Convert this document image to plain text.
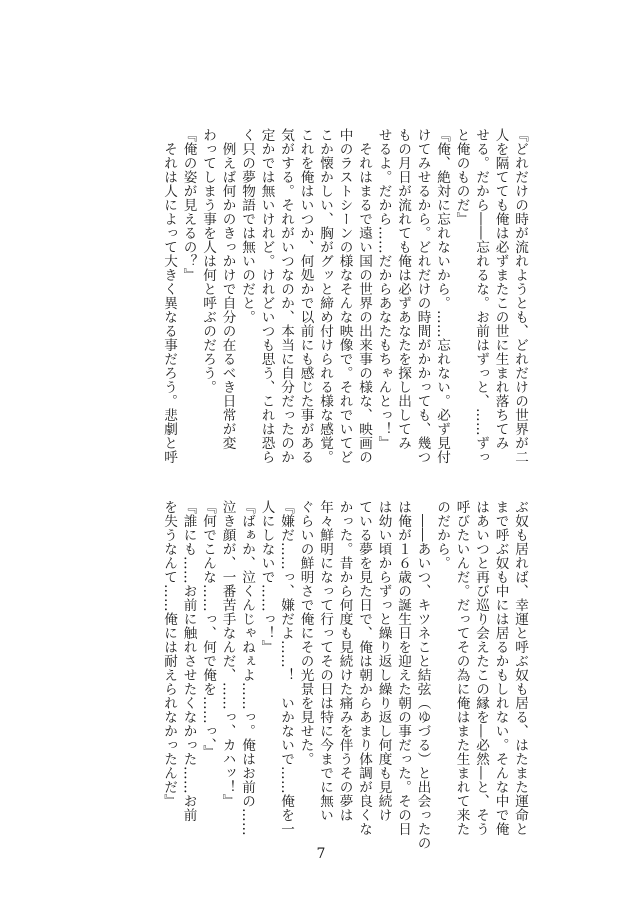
『どれだけの時が流れようとも、どれだけの世界が二
人を隔てても俺は必ずまたこの世に生まれ落ちてみ
せる。だから――忘れるな。お前はずっと、……ずっ
と俺のものだ』
『俺、絶対に忘れないから。……忘れない。必ず見付
けてみせるから。どれだけの時間がかかっても、幾つ
もの月日が流れても俺は必ずあなたを探し出してみ
せるよ。だから……だからあなたもちゃんとっ！』
　それはまるで遠い国の世界の出来事の様な、映画の
中のラストシーンの様なそんな映像で。それでいてど
こか懐かしい、胸がグッと締め付けられる様な感覚。
これを俺はいつか、何処かで以前にも感じた事がある
気がする。それがいつなのか、本当に自分だったのか
定かでは無いけれど。けれどいつも思う、これは恐ら
く只の夢物語では無いのだと。
　例えば何かのきっかけで自分の在るべき日常が変
わってしまう事を人は何と呼ぶのだろう。
『俺の姿が見えるの？』
　それは人によって大きく異なる事だろう。悲劇と呼
ぶ奴も居れば、幸運と呼ぶ奴も居る、はたまた運命と
まで呼ぶ奴も中には居るかもしれない。そんな中で俺
はあいつと再び巡り会えたこの縁を―必然―と、そう
呼びたいんだ。だってその為に俺はまた生まれて来た
のだから。
　――あいつ、キツネこと結弦（ゆづる）と出会ったの
は俺が１６歳の誕生日を迎えた朝の事だった。その日
は幼い頃からずっと繰り返し繰り返し何度も見続け
ている夢を見た日で、俺は朝からあまり体調が良くな
かった。昔から何度も見続けた痛みを伴うその夢は
年々鮮明になって行ってその日は特に今までに無い
ぐらいの鮮明さで俺にその光景を見せた。
『嫌だ……っ、嫌だよ……！　いかないで……俺を一
人にしないで……っ！』
『ばぁか、泣くんじゃねぇよ……っ。俺はお前の……
泣き顔が、一番苦手なんだ、……っ、カハッ！』
『何でこんな……っ、何で俺を……っ、』
『誰にも……お前に触れさせたくなかった……お前
を失うなんて……俺には耐えられなかったんだ』
7
